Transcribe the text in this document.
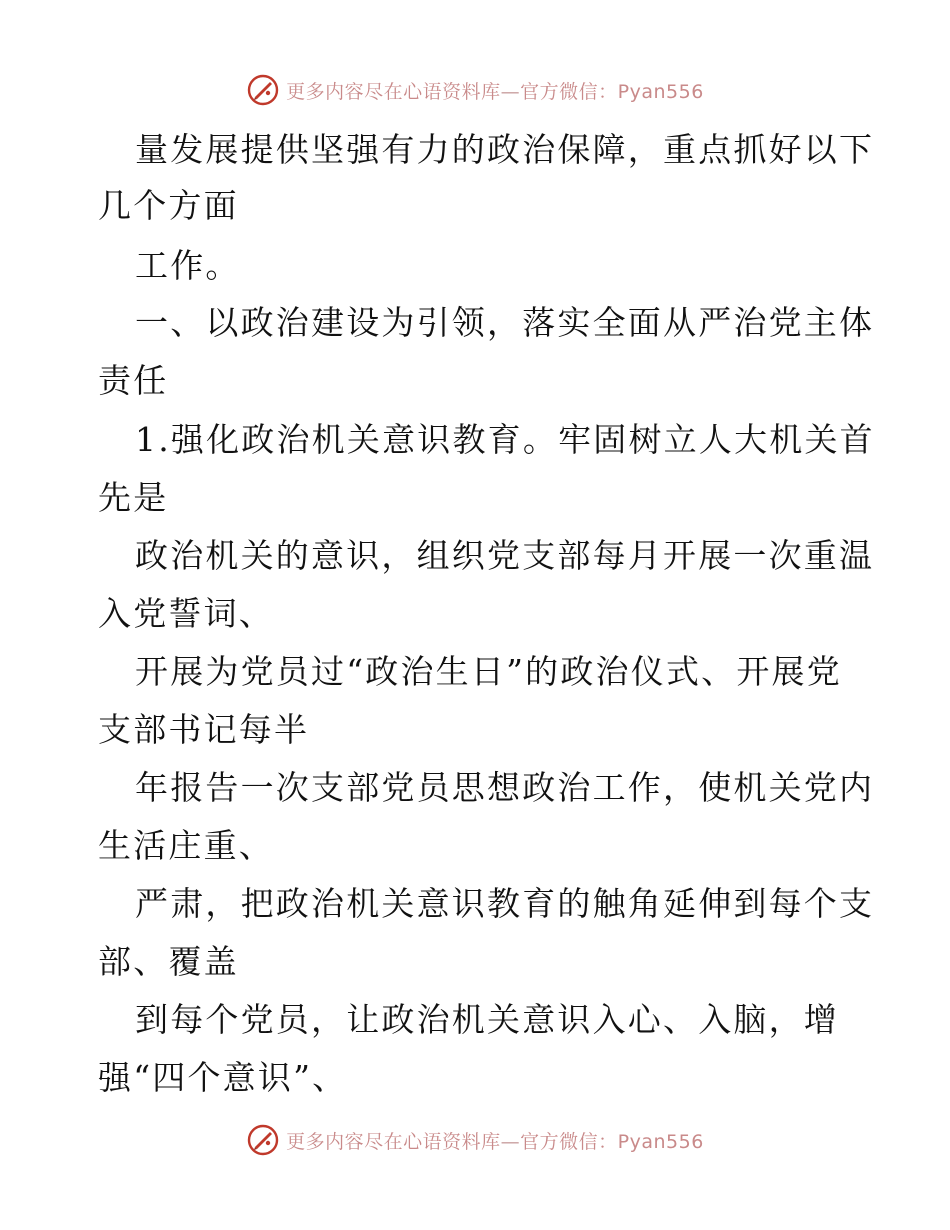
更多内容尽在心语资料库—官方微信：Pyan556
量发展提供坚强有力的政治保障，重点抓好以下
几个方面
工作。
一、以政治建设为引领，落实全面从严治党主体
责任
1.强化政治机关意识教育。牢固树立人大机关首
先是
政治机关的意识，组织党支部每月开展一次重温
入党誓词、
开展为党员过“政治生日”的政治仪式、开展党
支部书记每半
年报告一次支部党员思想政治工作，使机关党内
生活庄重、
严肃，把政治机关意识教育的触角延伸到每个支
部、覆盖
到每个党员，让政治机关意识入心、入脑，增
强“四个意识”、
更多内容尽在心语资料库—官方微信：Pyan556
